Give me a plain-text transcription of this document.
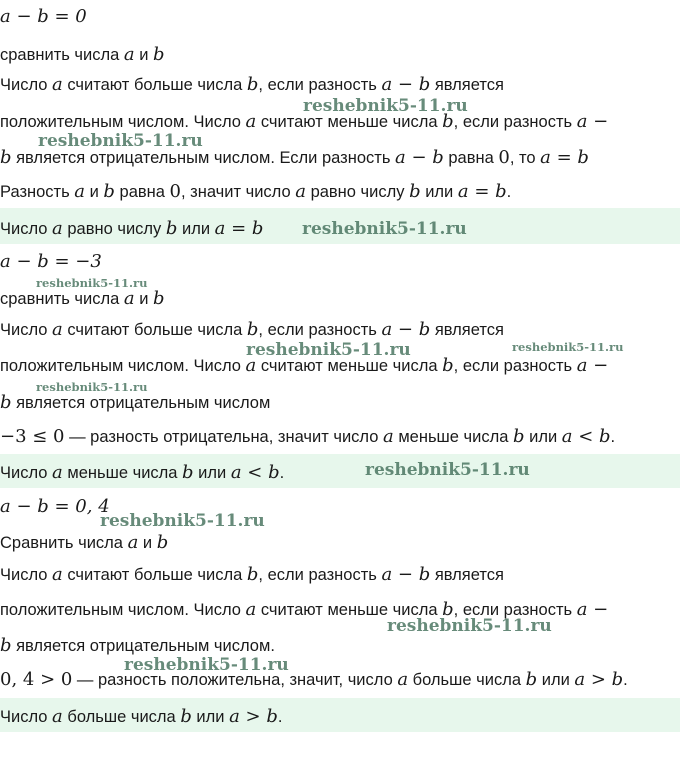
a − b = 0
сравнить числа a и b
Число a считают больше числа b, если разность a − b является
положительным числом. Число a считают меньше числа b, если разность a −
b является отрицательным числом. Если разность a − b равна 0, то a = b
Разность a и b равна 0, значит число a равно числу b или a = b.
Число a равно числу b или a = b
a − b = −3
сравнить числа a и b
Число a считают больше числа b, если разность a − b является
положительным числом. Число a считают меньше числа b, если разность a −
b является отрицательным числом
−3 ≤ 0 — разность отрицательна, значит число a меньше числа b или a < b.
Число a меньше числа b или a < b.
a − b = 0, 4
Сравнить числа a и b
Число a считают больше числа b, если разность a − b является
положительным числом. Число a считают меньше числа b, если разность a −
b является отрицательным числом.
0, 4 > 0 — разность положительна, значит, число a больше числа b или a > b.
Число a больше числа b или a > b.
reshebnik5-11.ru
reshebnik5-11.ru
reshebnik5-11.ru
reshebnik5-11.ru
reshebnik5-11.ru	reshebnik5-11.ru
reshebnik5-11.ru
reshebnik5-11.ru
reshebnik5-11.ru
reshebnik5-11.ru
reshebnik5-11.ru
